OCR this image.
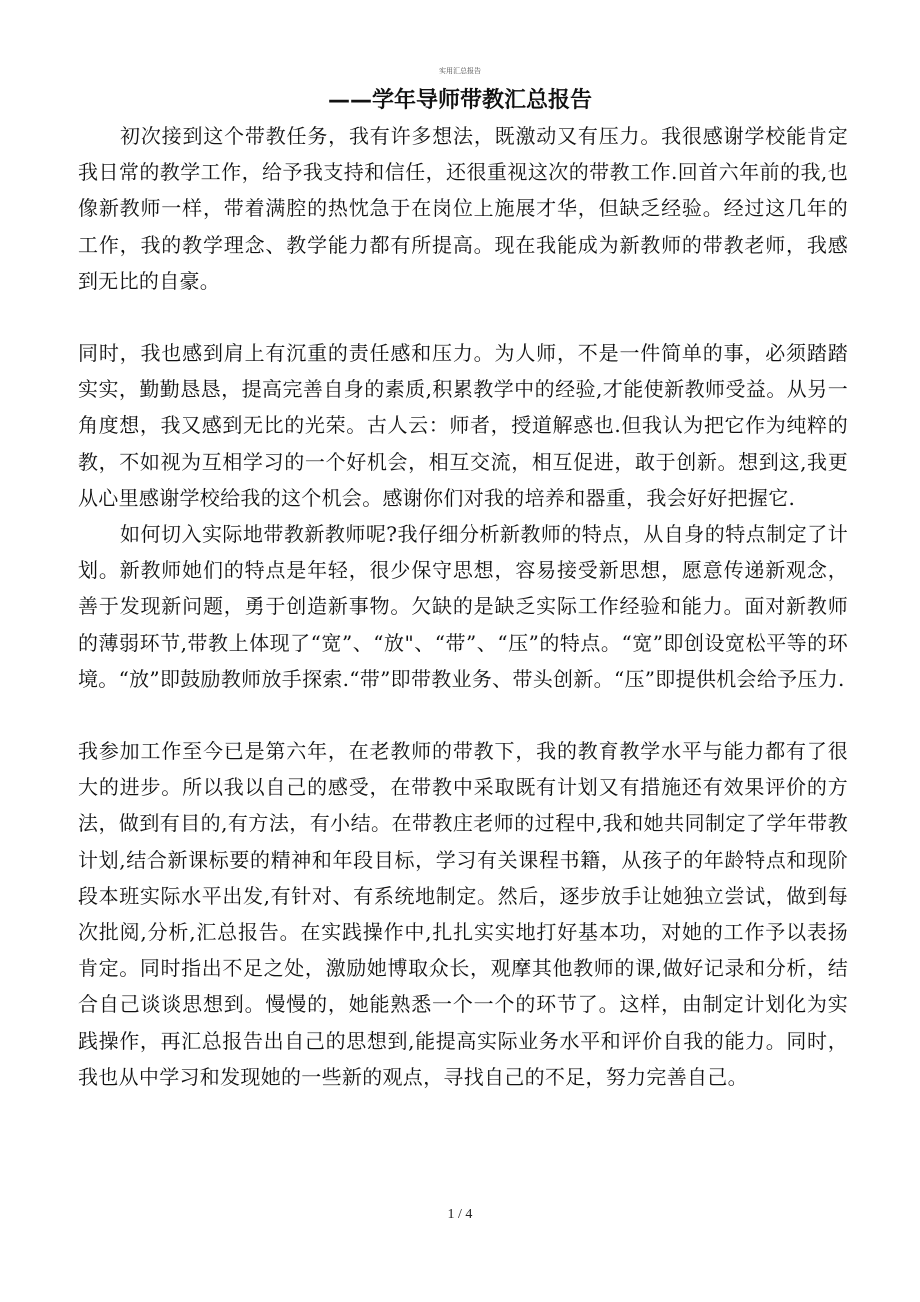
实用汇总报告
——学年导师带教汇总报告

初次接到这个带教任务，我有许多想法，既激动又有压力。我很感谢学校能肯定我日常的教学工作，给予我支持和信任，还很重视这次的带教工作.回首六年前的我,也像新教师一样，带着满腔的热忱急于在岗位上施展才华，但缺乏经验。经过这几年的工作，我的教学理念、教学能力都有所提高。现在我能成为新教师的带教老师，我感到无比的自豪。

同时，我也感到肩上有沉重的责任感和压力。为人师，不是一件简单的事，必须踏踏实实，勤勤恳恳，提高完善自身的素质,积累教学中的经验,才能使新教师受益。从另一角度想，我又感到无比的光荣。古人云：师者，授道解惑也.但我认为把它作为纯粹的教，不如视为互相学习的一个好机会，相互交流，相互促进，敢于创新。想到这,我更从心里感谢学校给我的这个机会。感谢你们对我的培养和器重，我会好好把握它.

如何切入实际地带教新教师呢?我仔细分析新教师的特点，从自身的特点制定了计划。新教师她们的特点是年轻，很少保守思想，容易接受新思想，愿意传递新观念，善于发现新问题，勇于创造新事物。欠缺的是缺乏实际工作经验和能力。面对新教师的薄弱环节,带教上体现了“宽”、“放"、“带”、“压”的特点。“宽”即创设宽松平等的环境。“放”即鼓励教师放手探索.“带”即带教业务、带头创新。“压”即提供机会给予压力.

我参加工作至今已是第六年，在老教师的带教下，我的教育教学水平与能力都有了很大的进步。所以我以自己的感受，在带教中采取既有计划又有措施还有效果评价的方法，做到有目的,有方法，有小结。在带教庄老师的过程中,我和她共同制定了学年带教计划,结合新课标要的精神和年段目标，学习有关课程书籍，从孩子的年龄特点和现阶段本班实际水平出发,有针对、有系统地制定。然后，逐步放手让她独立尝试，做到每次批阅,分析,汇总报告。在实践操作中,扎扎实实地打好基本功，对她的工作予以表扬肯定。同时指出不足之处，激励她博取众长，观摩其他教师的课,做好记录和分析，结合自己谈谈思想到。慢慢的，她能熟悉一个一个的环节了。这样，由制定计划化为实践操作，再汇总报告出自己的思想到,能提高实际业务水平和评价自我的能力。同时，我也从中学习和发现她的一些新的观点，寻找自己的不足，努力完善自己。

1 / 4
